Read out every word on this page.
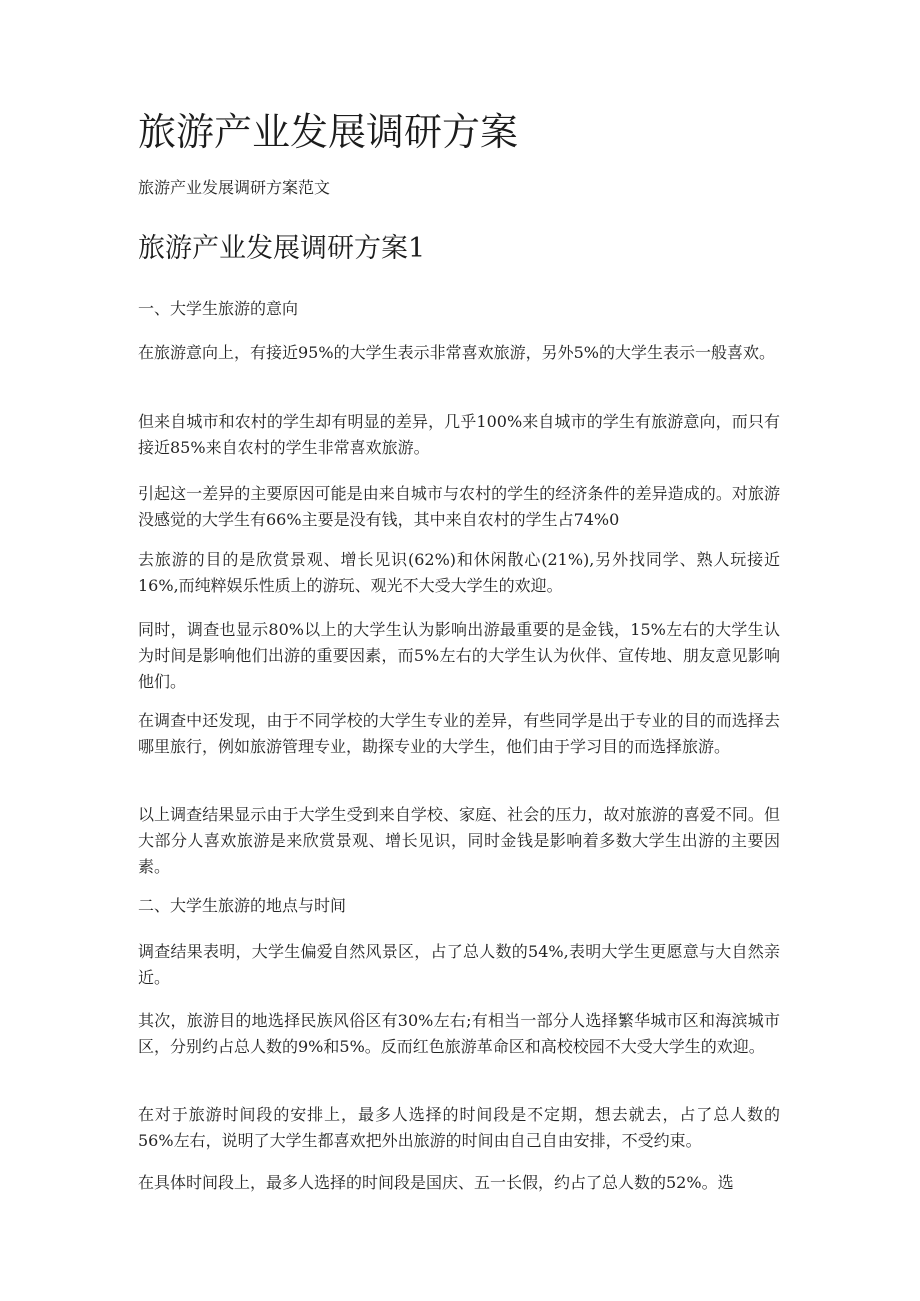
旅游产业发展调研方案

旅游产业发展调研方案范文

旅游产业发展调研方案1

一、大学生旅游的意向

在旅游意向上，有接近95%的大学生表示非常喜欢旅游，另外5%的大学生表示一般喜欢。

但来自城市和农村的学生却有明显的差异，几乎100%来自城市的学生有旅游意向，而只有接近85%来自农村的学生非常喜欢旅游。

引起这一差异的主要原因可能是由来自城市与农村的学生的经济条件的差异造成的。对旅游没感觉的大学生有66%主要是没有钱，其中来自农村的学生占74%0

去旅游的目的是欣赏景观、增长见识(62%)和休闲散心(21%),另外找同学、熟人玩接近16%,而纯粹娱乐性质上的游玩、观光不大受大学生的欢迎。

同时，调查也显示80%以上的大学生认为影响出游最重要的是金钱，15%左右的大学生认为时间是影响他们出游的重要因素，而5%左右的大学生认为伙伴、宣传地、朋友意见影响他们。

在调查中还发现，由于不同学校的大学生专业的差异，有些同学是出于专业的目的而选择去哪里旅行，例如旅游管理专业，勘探专业的大学生，他们由于学习目的而选择旅游。

以上调查结果显示由于大学生受到来自学校、家庭、社会的压力，故对旅游的喜爱不同。但大部分人喜欢旅游是来欣赏景观、增长见识，同时金钱是影响着多数大学生出游的主要因素。

二、大学生旅游的地点与时间

调查结果表明，大学生偏爱自然风景区，占了总人数的54%,表明大学生更愿意与大自然亲近。

其次，旅游目的地选择民族风俗区有30%左右;有相当一部分人选择繁华城市区和海滨城市区，分别约占总人数的9%和5%。反而红色旅游革命区和高校校园不大受大学生的欢迎。

在对于旅游时间段的安排上，最多人选择的时间段是不定期，想去就去，占了总人数的56%左右，说明了大学生都喜欢把外出旅游的时间由自己自由安排，不受约束。

在具体时间段上，最多人选择的时间段是国庆、五一长假，约占了总人数的52%。选
